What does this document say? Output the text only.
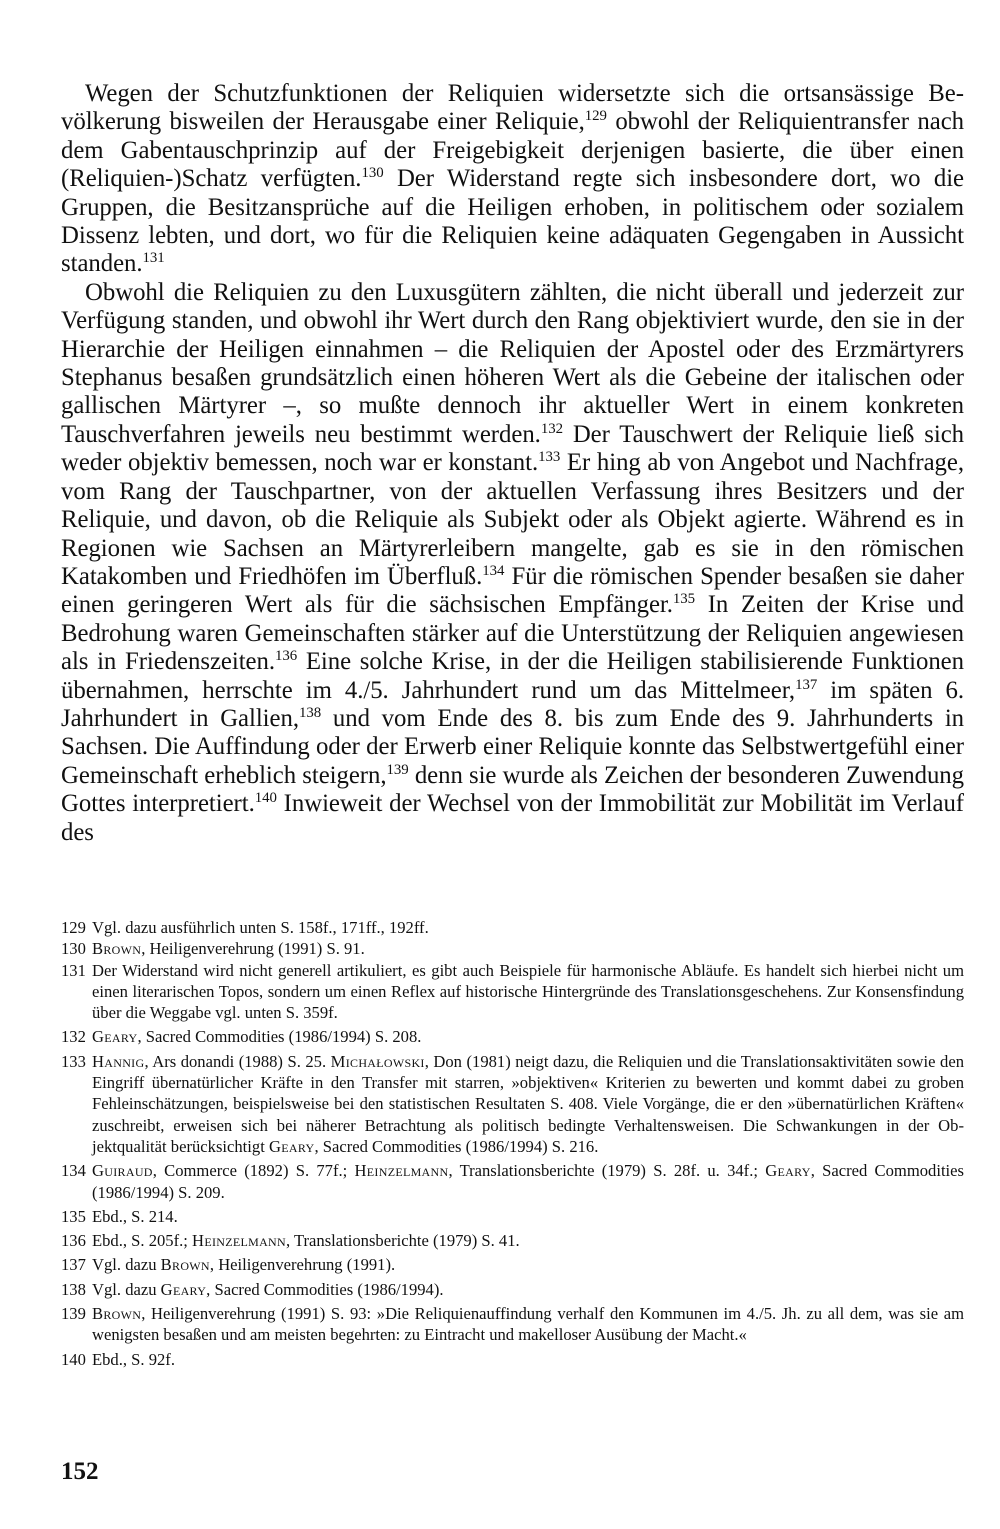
Wegen der Schutzfunktionen der Reliquien widersetzte sich die ortsansässige Bevölkerung bisweilen der Herausgabe einer Reliquie,$^{129}$ obwohl der Reliquientransfer nach dem Gabentauschprinzip auf der Freigebigkeit derjenigen basierte, die über einen (Reliquien-)Schatz verfügten.$^{130}$ Der Widerstand regte sich insbesondere dort, wo die Gruppen, die Besitzansprüche auf die Heiligen erhoben, in politischem oder sozialem Dissenz lebten, und dort, wo für die Reliquien keine adäquaten Gegengaben in Aussicht standen.$^{131}$

Obwohl die Reliquien zu den Luxusgütern zählten, die nicht überall und jederzeit zur Verfügung standen, und obwohl ihr Wert durch den Rang objektiviert wurde, den sie in der Hierarchie der Heiligen einnahmen – die Reliquien der Apostel oder des Erzmärtyrers Stephanus besaßen grundsätzlich einen höheren Wert als die Gebeine der italischen oder gallischen Märtyrer –, so mußte dennoch ihr aktueller Wert in einem konkreten Tauschverfahren jeweils neu bestimmt werden.$^{132}$ Der Tauschwert der Reliquie ließ sich weder objektiv bemessen, noch war er konstant.$^{133}$ Er hing ab von Angebot und Nachfrage, vom Rang der Tauschpartner, von der aktuellen Verfassung ihres Besitzers und der Reliquie, und davon, ob die Reliquie als Subjekt oder als Objekt agierte. Während es in Regionen wie Sachsen an Märtyrerleibern mangelte, gab es sie in den römischen Katakomben und Friedhöfen im Überfluß.$^{134}$ Für die römischen Spender besaßen sie daher einen geringeren Wert als für die sächsischen Empfänger.$^{135}$ In Zeiten der Krise und Bedrohung waren Gemeinschaften stärker auf die Unterstützung der Reliquien angewiesen als in Friedenszeiten.$^{136}$ Eine solche Krise, in der die Heiligen stabilisierende Funktionen übernahmen, herrschte im 4./5. Jahrhundert rund um das Mittelmeer,$^{137}$ im späten 6. Jahrhundert in Gallien,$^{138}$ und vom Ende des 8. bis zum Ende des 9. Jahrhunderts in Sachsen. Die Auffindung oder der Erwerb einer Reliquie konnte das Selbstwertgefühl einer Gemeinschaft erheblich steigern,$^{139}$ denn sie wurde als Zeichen der besonderen Zuwendung Gottes interpretiert.$^{140}$ Inwieweit der Wechsel von der Immobilität zur Mobilität im Verlauf des

129 Vgl. dazu ausführlich unten S. 158f., 171ff., 192ff.
130 Brown, Heiligenverehrung (1991) S. 91.
131 Der Widerstand wird nicht generell artikuliert, es gibt auch Beispiele für harmonische Abläufe. Es handelt sich hierbei nicht um einen literarischen Topos, sondern um einen Reflex auf historische Hintergründe des Translationsgeschehens. Zur Konsensfindung über die Weggabe vgl. unten S. 359f.
132 Geary, Sacred Commodities (1986/1994) S. 208.
133 Hannig, Ars donandi (1988) S. 25. Michałowski, Don (1981) neigt dazu, die Reliquien und die Translationsaktivitäten sowie den Eingriff übernatürlicher Kräfte in den Transfer mit starren, »objektiven« Kriterien zu bewerten und kommt dabei zu groben Fehleinschätzungen, beispielsweise bei den statistischen Resultaten S. 408. Viele Vorgänge, die er den »übernatürlichen Kräften« zuschreibt, erweisen sich bei näherer Betrachtung als politisch bedingte Verhaltensweisen. Die Schwankungen in der Objektqualität berücksichtigt Geary, Sacred Commodities (1986/1994) S. 216.
134 Guiraud, Commerce (1892) S. 77f.; Heinzelmann, Translationsberichte (1979) S. 28f. u. 34f.; Geary, Sacred Commodities (1986/1994) S. 209.
135 Ebd., S. 214.
136 Ebd., S. 205f.; Heinzelmann, Translationsberichte (1979) S. 41.
137 Vgl. dazu Brown, Heiligenverehrung (1991).
138 Vgl. dazu Geary, Sacred Commodities (1986/1994).
139 Brown, Heiligenverehrung (1991) S. 93: »Die Reliquienauffindung verhalf den Kommunen im 4./5. Jh. zu all dem, was sie am wenigsten besaßen und am meisten begehrten: zu Eintracht und makelloser Ausübung der Macht.«
140 Ebd., S. 92f.
152
